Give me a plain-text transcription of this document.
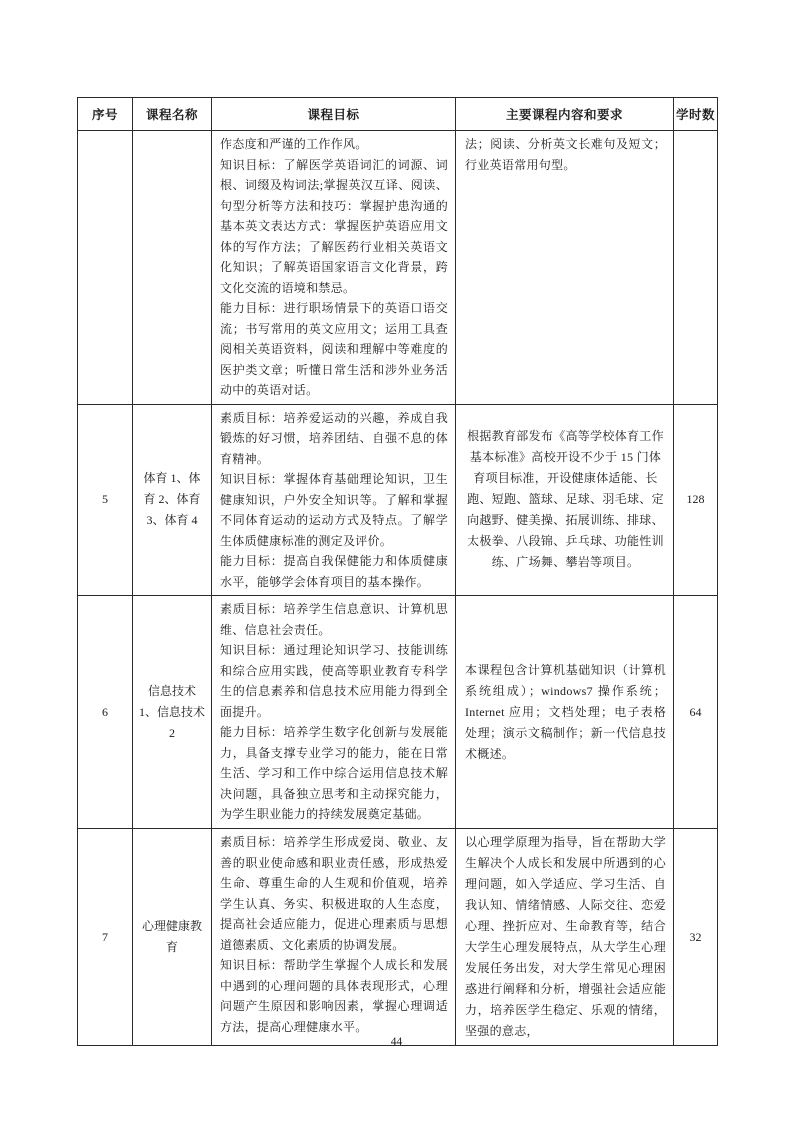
序号	课程名称	课程目标	主要课程内容和要求	学时数

		作态度和严谨的工作作风。

知识目标：了解医学英语词汇的词源、词根、词缀及构词法;掌握英汉互译、阅读、句型分析等方法和技巧：掌握护患沟通的基本英文表达方式：掌握医护英语应用文体的写作方法；了解医药行业相关英语文化知识；了解英语国家语言文化背景，跨文化交流的语境和禁忌。

能力目标：进行职场情景下的英语口语交流；书写常用的英文应用文；运用工具查阅相关英语资料，阅读和理解中等难度的医护类文章；听懂日常生活和涉外业务活动中的英语对话。	法；阅读、分析英文长难句及短文；行业英语常用句型。	

5	体育 1、体育 2、体育 3、体育 4	素质目标：培养爱运动的兴趣，养成自我锻炼的好习惯，培养团结、自强不息的体育精神。

知识目标：掌握体育基础理论知识，卫生健康知识，户外安全知识等。了解和掌握不同体育运动的运动方式及特点。了解学生体质健康标准的测定及评价。

能力目标：提高自我保健能力和体质健康水平，能够学会体育项目的基本操作。	根据教育部发布《高等学校体育工作基本标准》高校开设不少于 15 门体育项目标准，开设健康体适能、长跑、短跑、篮球、足球、羽毛球、定向越野、健美操、拓展训练、排球、太极拳、八段锦、乒乓球、功能性训练、广场舞、攀岩等项目。	128
6	信息技术 1、信息技术 2	素质目标：培养学生信息意识、计算机思维、信息社会责任。

知识目标：通过理论知识学习、技能训练和综合应用实践，使高等职业教育专科学生的信息素养和信息技术应用能力得到全面提升。

能力目标：培养学生数字化创新与发展能力，具备支撑专业学习的能力，能在日常生活、学习和工作中综合运用信息技术解决问题，具备独立思考和主动探究能力，为学生职业能力的持续发展奠定基础。	本课程包含计算机基础知识（计算机系统组成）；windows7 操作系统；Internet 应用；文档处理；电子表格处理；演示文稿制作；新一代信息技术概述。	64
7	心理健康教育	素质目标：培养学生形成爱岗、敬业、友善的职业使命感和职业责任感，形成热爱生命、尊重生命的人生观和价值观，培养学生认真、务实、积极进取的人生态度，提高社会适应能力，促进心理素质与思想道德素质、文化素质的协调发展。

知识目标：帮助学生掌握个人成长和发展中遇到的心理问题的具体表现形式，心理问题产生原因和影响因素，掌握心理调适方法，提高心理健康水平。	以心理学原理为指导，旨在帮助大学生解决个人成长和发展中所遇到的心理问题，如入学适应、学习生活、自我认知、情绪情感、人际交往、恋爱心理、挫折应对、生命教育等，结合大学生心理发展特点，从大学生心理发展任务出发，对大学生常见心理困惑进行阐释和分析，增强社会适应能力，培养医学生稳定、乐观的情绪，坚强的意志，	32
44
